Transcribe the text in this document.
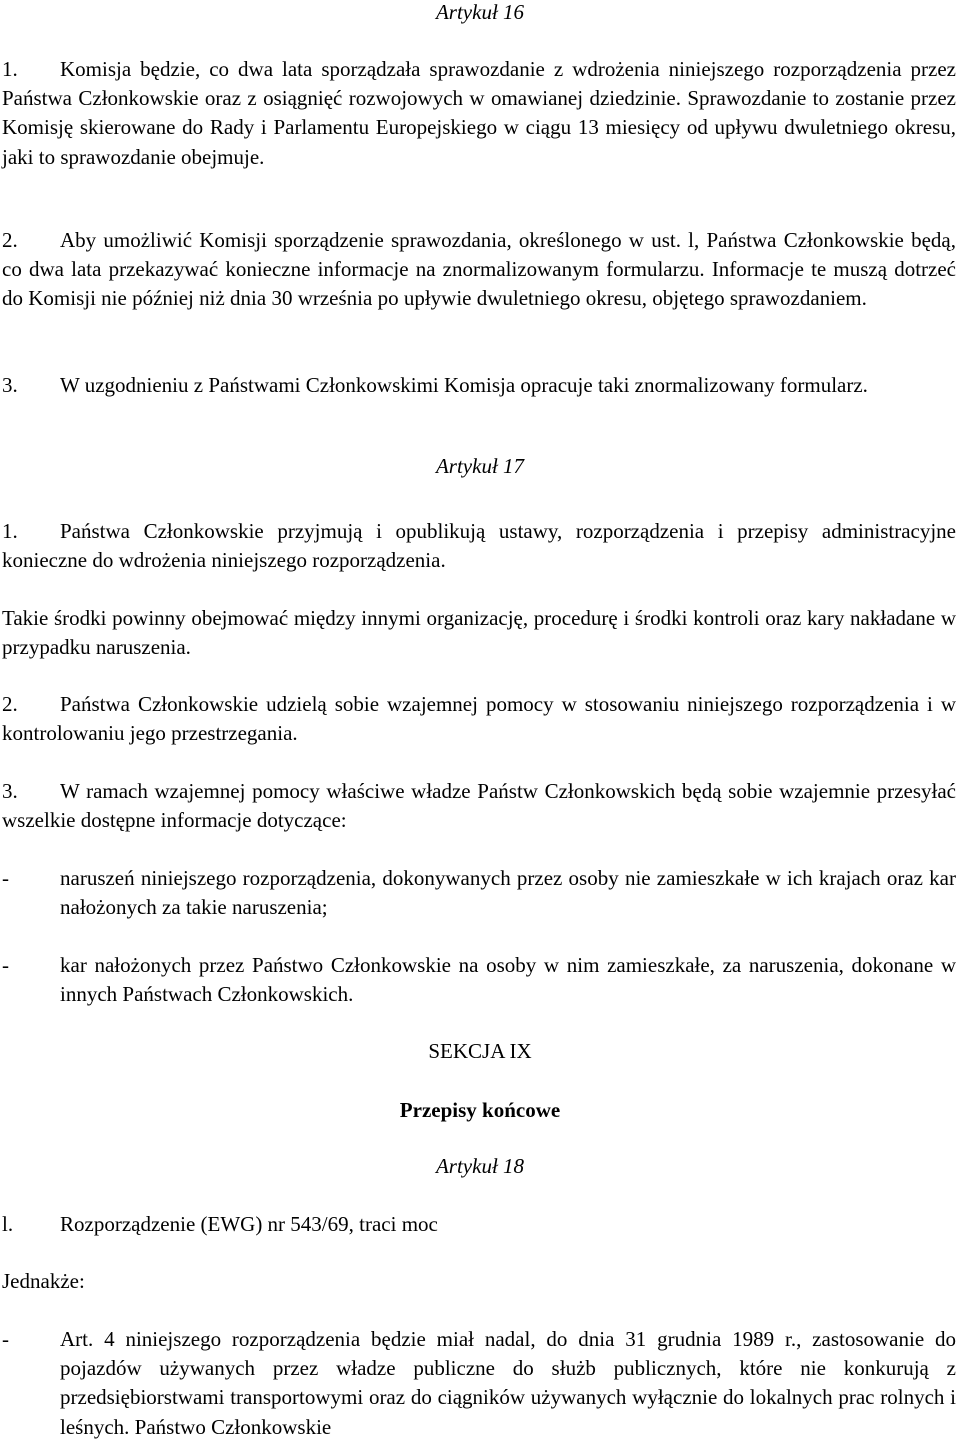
Artykuł 16

1. Komisja będzie, co dwa lata sporządzała sprawozdanie z wdrożenia niniejszego rozporządzenia przez Państwa Członkowskie oraz z osiągnięć rozwojowych w omawianej dziedzinie. Sprawozdanie to zostanie przez Komisję skierowane do Rady i Parlamentu Europejskiego w ciągu 13 miesięcy od upływu dwuletniego okresu, jaki to sprawozdanie obejmuje.

2. Aby umożliwić Komisji sporządzenie sprawozdania, określonego w ust. l, Państwa Członkowskie będą, co dwa lata przekazywać konieczne informacje na znormalizowanym formularzu. Informacje te muszą dotrzeć do Komisji nie później niż dnia 30 września po upływie dwuletniego okresu, objętego sprawozdaniem.

3. W uzgodnieniu z Państwami Członkowskimi Komisja opracuje taki znormalizowany formularz.

Artykuł 17

1. Państwa Członkowskie przyjmują i opublikują ustawy, rozporządzenia i przepisy administracyjne konieczne do wdrożenia niniejszego rozporządzenia.

Takie środki powinny obejmować między innymi organizację, procedurę i środki kontroli oraz kary nakładane w przypadku naruszenia.

2. Państwa Członkowskie udzielą sobie wzajemnej pomocy w stosowaniu niniejszego rozporządzenia i w kontrolowaniu jego przestrzegania.

3. W ramach wzajemnej pomocy właściwe władze Państw Członkowskich będą sobie wzajemnie przesyłać wszelkie dostępne informacje dotyczące:

-	naruszeń niniejszego rozporządzenia, dokonywanych przez osoby nie zamieszkałe w ich krajach oraz kar nałożonych za takie naruszenia;
-	kar nałożonych przez Państwo Członkowskie na osoby w nim zamieszkałe, za naruszenia, dokonane w innych Państwach Członkowskich.

SEKCJA IX

Przepisy końcowe

Artykuł 18

l. Rozporządzenie (EWG) nr 543/69, traci moc

Jednakże:

-	Art. 4 niniejszego rozporządzenia będzie miał nadal, do dnia 31 grudnia 1989 r., zastosowanie do pojazdów używanych przez władze publiczne do służb publicznych, które nie konkurują z przedsiębiorstwami transportowymi oraz do ciągników używanych wyłącznie do lokalnych prac rolnych i leśnych. Państwo Członkowskie
